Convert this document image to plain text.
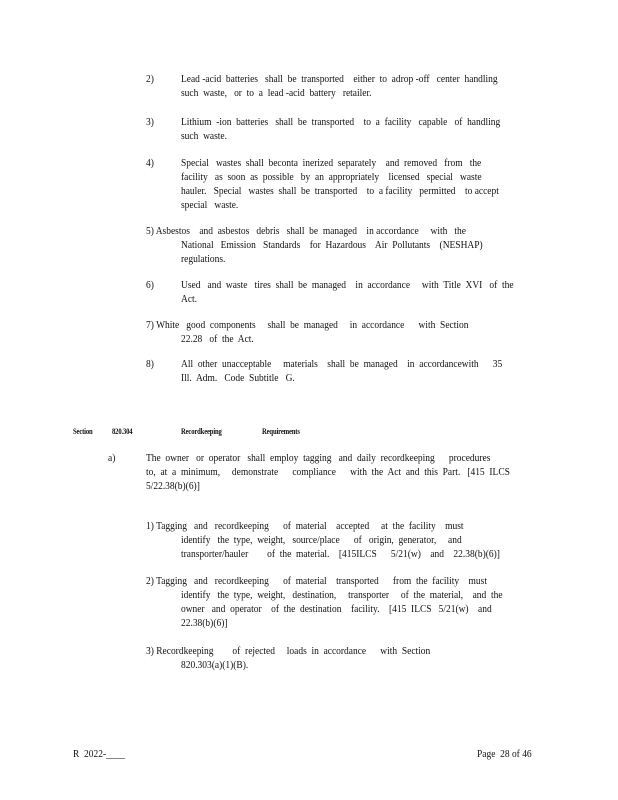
2) Lead -acid  batteries   shall  be  transported    either  to  adrop -off   center  handling
such  waste,   or  to  a  lead -acid  battery   retailer.
3) Lithium  -ion  batteries   shall  be  transported    to  a  facility   capable   of  handling
such  waste.
4) Special   wastes  shall  beconta  inerized  separately    and  removed   from   the
facility   as  soon  as  possible   by  an  appropriately    licensed   special   waste
hauler.   Special   wastes  shall  be  transported    to  a facility   permitted    to accept
special   waste.
5) Asbestos    and  asbestos   debris   shall  be  managed    in accordance     with   the
National   Emission   Standards    for  Hazardous    Air  Pollutants    (NESHAP)
regulations.
6) Used   and  waste   tires  shall  be  managed    in  accordance     with  Title  XVI   of  the
Act.
7) White   good  components     shall  be  managed     in  accordance      with  Section
22.28   of  the  Act.
8) All  other  unacceptable     materials    shall  be  managed    in  accordancewith      35
Ill.  Adm.   Code  Subtitle   G.
Section 820.304	Recordkeeping	Requirements
a)	The  owner   or  operator   shall  employ  tagging   and  daily  recordkeeping      procedures
to,  at  a  minimum,     demonstrate      compliance      with  the  Act  and  this  Part.   [415  ILCS
5/22.38(b)(6)]
1) Tagging   and   recordkeeping      of  material    accepted     at  the  facility    must
identify   the  type,  weight,   source/place      of   origin,  generator,     and
transporter/hauler        of  the  material.    [415ILCS      5/21(w)    and    22.38(b)(6)]
2) Tagging   and   recordkeeping      of  material    transported      from  the  facility    must
identify   the  type,  weight,   destination,     transporter     of  the  material,    and  the
owner   and  operator    of  the  destination    facility.    [415  ILCS   5/21(w)    and
22.38(b)(6)]
3) Recordkeeping        of  rejected     loads  in  accordance      with  Section
820.303(a)(1)(B).
R  2022-____	Page  28 of 46
